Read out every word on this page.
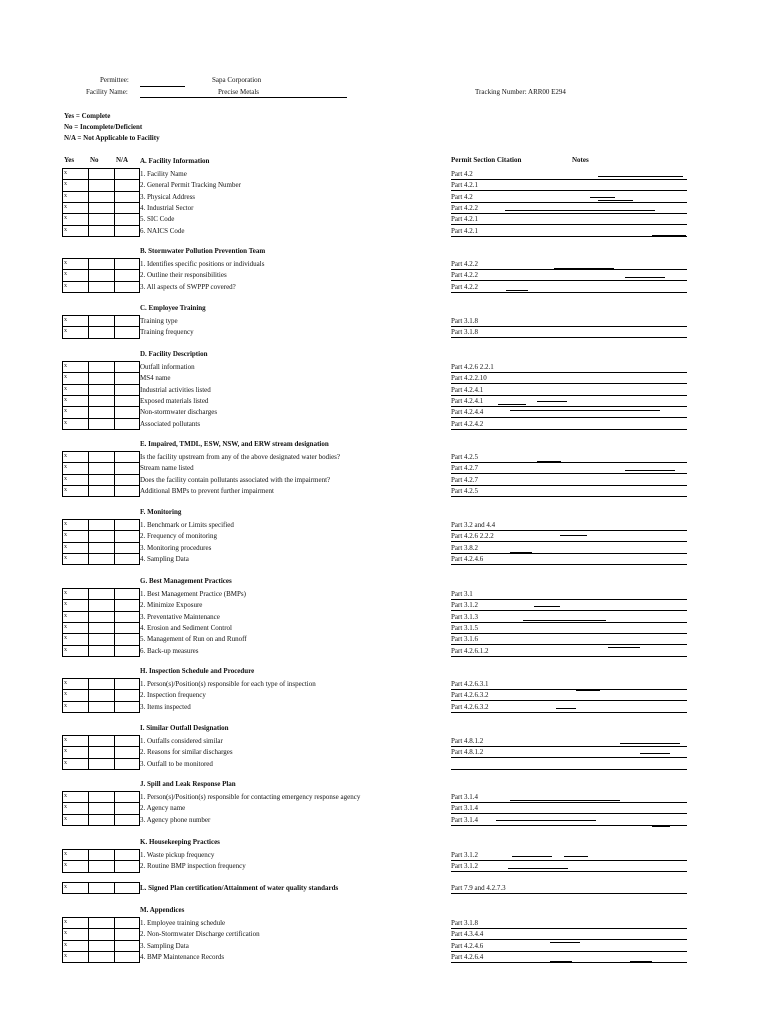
Permittee:	Sapa Corporation
Facility Name:	Precise Metals	Tracking Number: ARR00 E294
Yes = Complete
No = Incomplete/Deficient
N/A = Not Applicable to Facility
Yes No N/A	Permit Section Citation	Notes
A. Facility Information
x	1. Facility Name	Part 4.2
x	2. General Permit Tracking Number	Part 4.2.1
x	3. Physical Address	Part 4.2
x	4. Industrial Sector	Part 4.2.2
x	5. SIC Code	Part 4.2.1
x	6. NAICS Code	Part 4.2.1
B. Stormwater Pollution Prevention Team
x	1. Identifies specific positions or individuals	Part 4.2.2
x	2. Outline their responsibilities	Part 4.2.2
x	3. All aspects of SWPPP covered?	Part 4.2.2
C. Employee Training
x	Training type	Part 3.1.8
x	Training frequency	Part 3.1.8
D. Facility Description
x	Outfall information	Part 4.2.6 2.2.1
x	MS4 name	Part 4.2.2.10
x	Industrial activities listed	Part 4.2.4.1
x	Exposed materials listed	Part 4.2.4.1
x	Non-stormwater discharges	Part 4.2.4.4
x	Associated pollutants	Part 4.2.4.2
E. Impaired, TMDL, ESW, NSW, and ERW stream designation
x	Is the facility upstream from any of the above designated water bodies?	Part 4.2.5
x	Stream name listed	Part 4.2.7
x	Does the facility contain pollutants associated with the impairment?	Part 4.2.7
x	Additional BMPs to prevent further impairment	Part 4.2.5
F. Monitoring
x	1. Benchmark or Limits specified	Part 3.2 and 4.4
x	2. Frequency of monitoring	Part 4.2.6 2.2.2
x	3. Monitoring procedures	Part 3.8.2
x	4. Sampling Data	Part 4.2.4.6
G. Best Management Practices
x	1. Best Management Practice (BMPs)	Part 3.1
x	2. Minimize Exposure	Part 3.1.2
x	3. Preventative Maintenance	Part 3.1.3
x	4. Erosion and Sediment Control	Part 3.1.5
x	5. Management of Run on and Runoff	Part 3.1.6
x	6. Back-up measures	Part 4.2.6.1.2
H. Inspection Schedule and Procedure
x	1. Person(s)/Position(s) responsible for each type of inspection	Part 4.2.6.3.1
x	2. Inspection frequency	Part 4.2.6.3.2
x	3. Items inspected	Part 4.2.6.3.2
I. Similar Outfall Designation
x	1. Outfalls considered similar	Part 4.8.1.2
x	2. Reasons for similar discharges	Part 4.8.1.2
x	3. Outfall to be monitored
J. Spill and Leak Response Plan
x	1. Person(s)/Position(s) responsible for contacting emergency response agency	Part 3.1.4
x	2. Agency name	Part 3.1.4
x	3. Agency phone number	Part 3.1.4
K. Housekeeping Practices
x	1. Waste pickup frequency	Part 3.1.2
x	2. Routine BMP inspection frequency	Part 3.1.2
x	L. Signed Plan certification/Attainment of water quality standards	Part 7.9 and 4.2.7.3
M. Appendices
x	1. Employee training schedule	Part 3.1.8
x	2. Non-Stormwater Discharge certification	Part 4.3.4.4
x	3. Sampling Data	Part 4.2.4.6
x	4. BMP Maintenance Records	Part 4.2.6.4
